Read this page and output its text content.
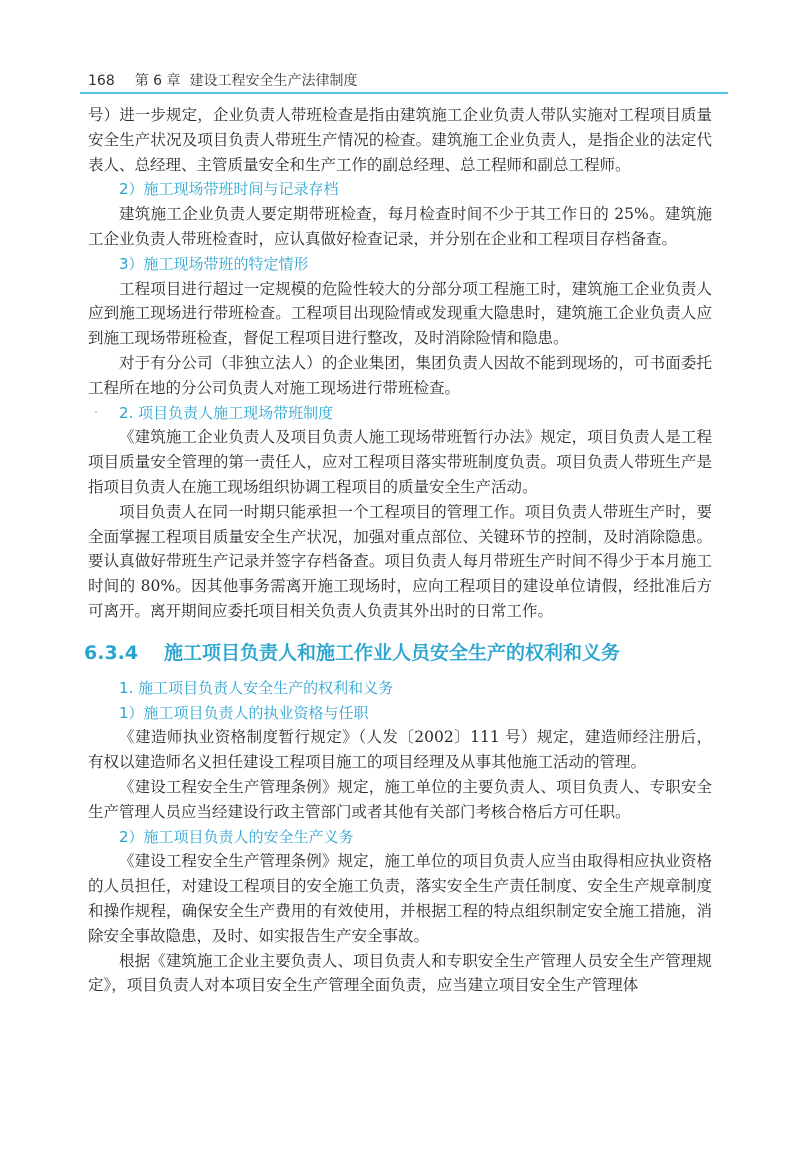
168 第 6 章 建设工程安全生产法律制度

号）进一步规定，企业负责人带班检查是指由建筑施工企业负责人带队实施对工程项目质量安全生产状况及项目负责人带班生产情况的检查。建筑施工企业负责人，是指企业的法定代表人、总经理、主管质量安全和生产工作的副总经理、总工程师和副总工程师。

2）施工现场带班时间与记录存档

建筑施工企业负责人要定期带班检查，每月检查时间不少于其工作日的 25%。建筑施工企业负责人带班检查时，应认真做好检查记录，并分别在企业和工程项目存档备查。

3）施工现场带班的特定情形

工程项目进行超过一定规模的危险性较大的分部分项工程施工时，建筑施工企业负责人应到施工现场进行带班检查。工程项目出现险情或发现重大隐患时，建筑施工企业负责人应到施工现场带班检查，督促工程项目进行整改，及时消除险情和隐患。

对于有分公司（非独立法人）的企业集团，集团负责人因故不能到现场的，可书面委托工程所在地的分公司负责人对施工现场进行带班检查。

2. 项目负责人施工现场带班制度

《建筑施工企业负责人及项目负责人施工现场带班暂行办法》规定，项目负责人是工程项目质量安全管理的第一责任人，应对工程项目落实带班制度负责。项目负责人带班生产是指项目负责人在施工现场组织协调工程项目的质量安全生产活动。

项目负责人在同一时期只能承担一个工程项目的管理工作。项目负责人带班生产时，要全面掌握工程项目质量安全生产状况，加强对重点部位、关键环节的控制，及时消除隐患。要认真做好带班生产记录并签字存档备查。项目负责人每月带班生产时间不得少于本月施工时间的 80%。因其他事务需离开施工现场时，应向工程项目的建设单位请假，经批准后方可离开。离开期间应委托项目相关负责人负责其外出时的日常工作。

6.3.4 施工项目负责人和施工作业人员安全生产的权利和义务
1. 施工项目负责人安全生产的权利和义务
1）施工项目负责人的执业资格与任职

《建造师执业资格制度暂行规定》（人发〔2002〕111 号）规定，建造师经注册后，有权以建造师名义担任建设工程项目施工的项目经理及从事其他施工活动的管理。

《建设工程安全生产管理条例》规定，施工单位的主要负责人、项目负责人、专职安全生产管理人员应当经建设行政主管部门或者其他有关部门考核合格后方可任职。

2）施工项目负责人的安全生产义务

《建设工程安全生产管理条例》规定，施工单位的项目负责人应当由取得相应执业资格的人员担任，对建设工程项目的安全施工负责，落实安全生产责任制度、安全生产规章制度和操作规程，确保安全生产费用的有效使用，并根据工程的特点组织制定安全施工措施，消除安全事故隐患，及时、如实报告生产安全事故。

根据《建筑施工企业主要负责人、项目负责人和专职安全生产管理人员安全生产管理规定》，项目负责人对本项目安全生产管理全面负责，应当建立项目安全生产管理体
